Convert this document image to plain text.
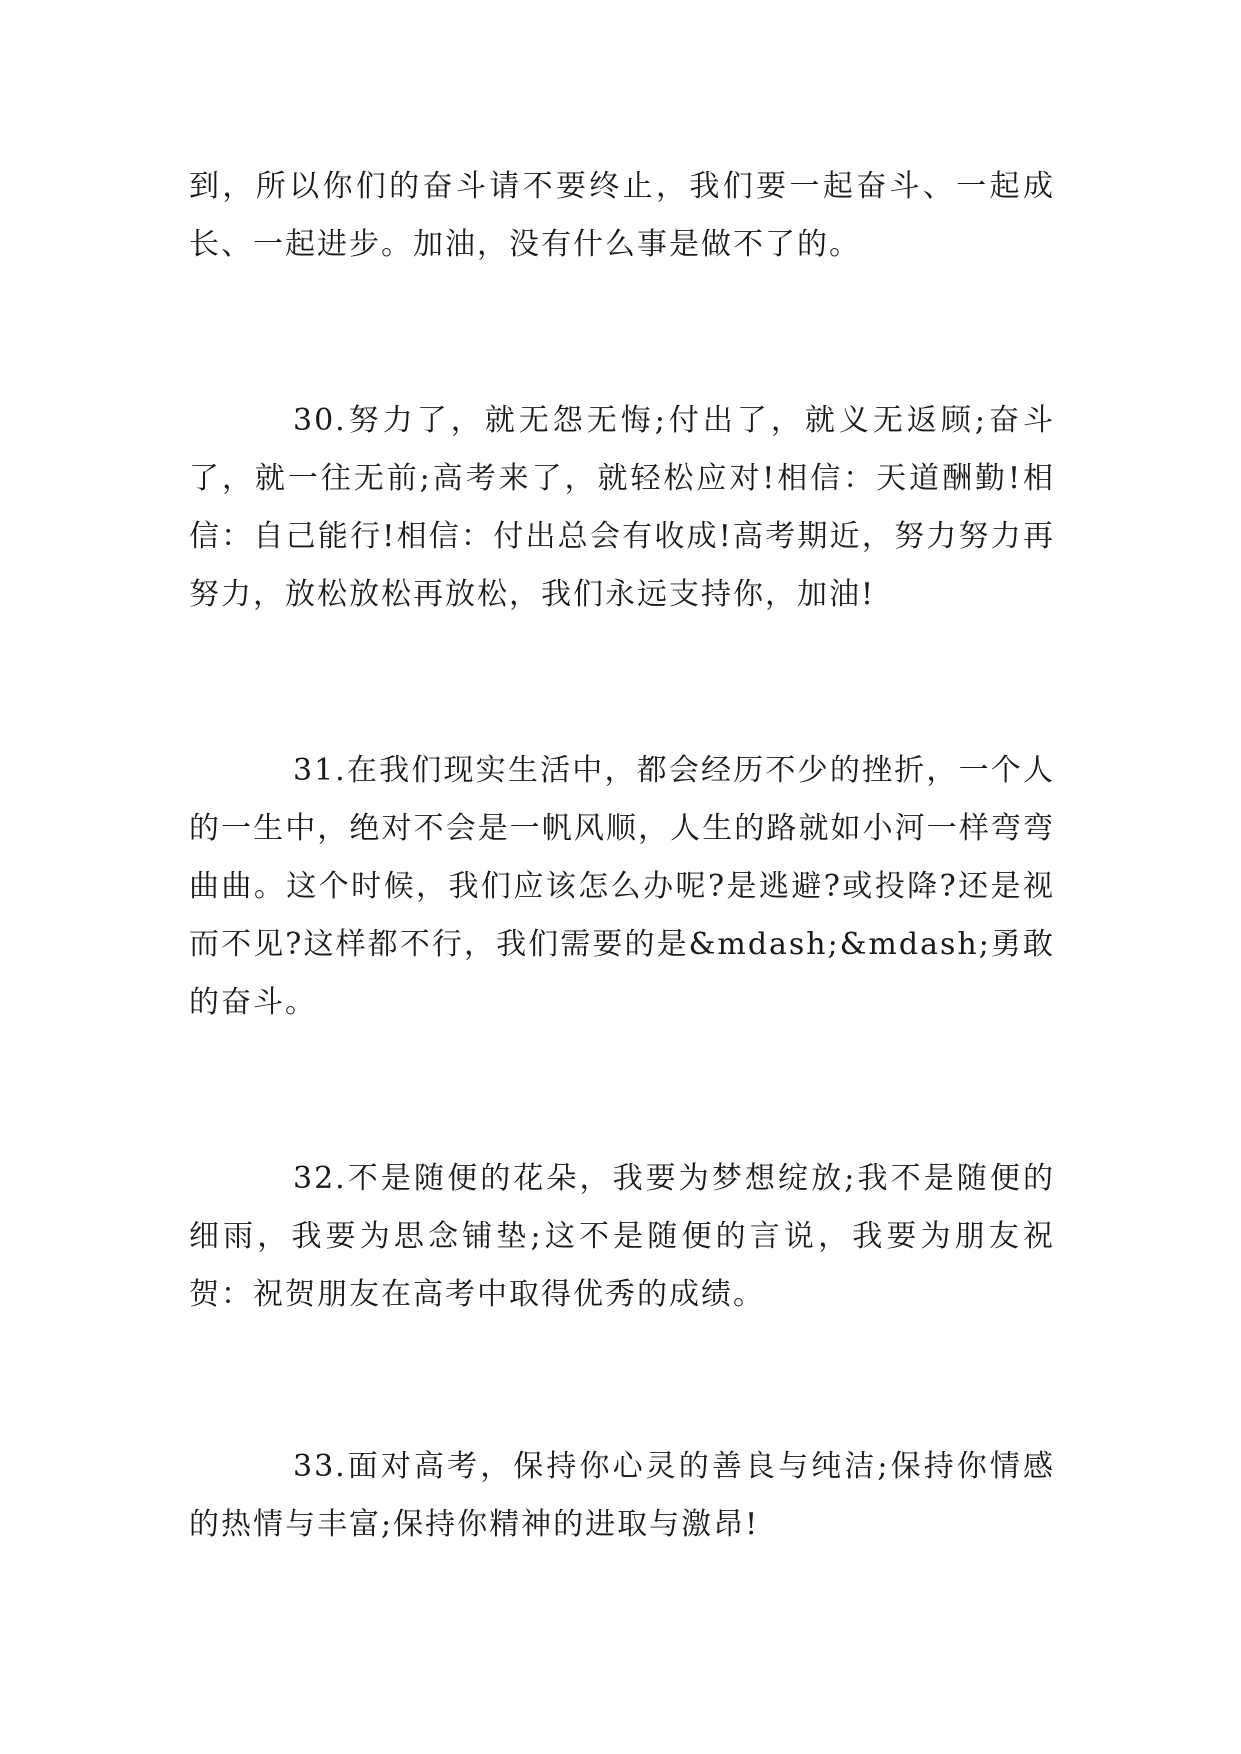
到，所以你们的奋斗请不要终止，我们要一起奋斗、一起成长、一起进步。加油，没有什么事是做不了的。

30.努力了，就无怨无悔;付出了，就义无返顾;奋斗了，就一往无前;高考来了，就轻松应对!相信：天道酬勤!相信：自己能行!相信：付出总会有收成!高考期近，努力努力再努力，放松放松再放松，我们永远支持你，加油!

31.在我们现实生活中，都会经历不少的挫折，一个人的一生中，绝对不会是一帆风顺，人生的路就如小河一样弯弯曲曲。这个时候，我们应该怎么办呢?是逃避?或投降?还是视而不见?这样都不行，我们需要的是&mdash;&mdash;勇敢的奋斗。

32.不是随便的花朵，我要为梦想绽放;我不是随便的细雨，我要为思念铺垫;这不是随便的言说，我要为朋友祝贺：祝贺朋友在高考中取得优秀的成绩。

33.面对高考，保持你心灵的善良与纯洁;保持你情感的热情与丰富;保持你精神的进取与激昂!
